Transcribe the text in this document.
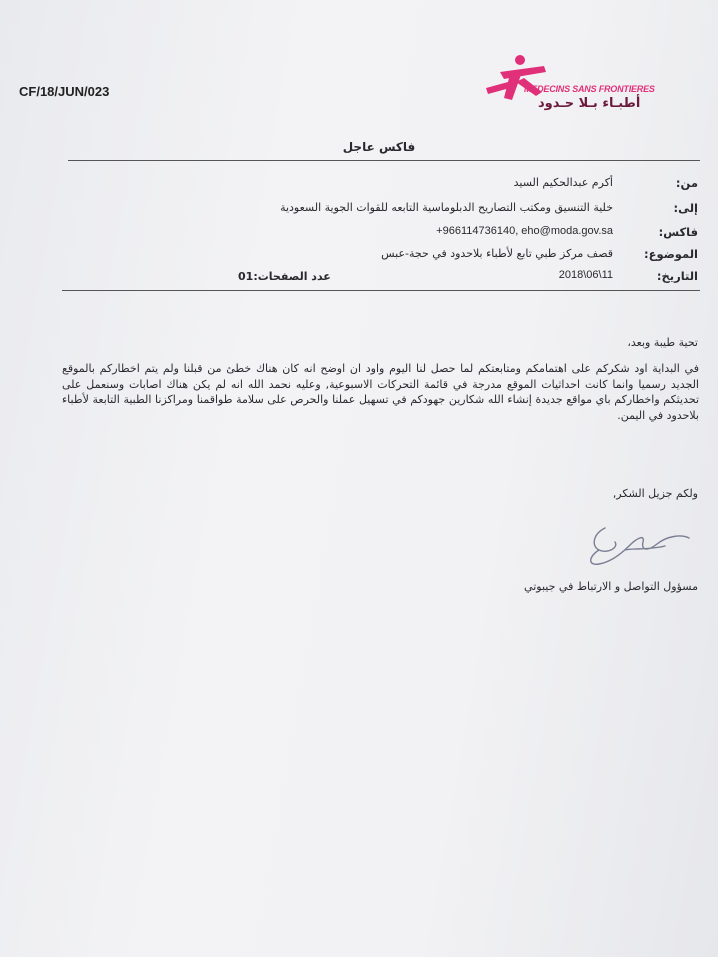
CF/18/JUN/023	MEDECINS SANS FRONTIERES
أطبـاء بـلا حـدود
فاكس عاجل
من:
أكرم عبدالحكيم السيد
إلى:
خلية التنسيق ومكتب التصاريح الدبلوماسية التابعه للقوات الجوية السعودية
فاكس:
+966114736140, eho@moda.gov.sa
الموضوع:
قصف مركز طبي تابع لأطباء بلاحدود في حجة-عبس
التاريخ:
2018\06\11
عدد الصفحات:01
تحية طيبة وبعد،
في البداية اود شكركم على اهتمامكم ومتابعتكم لما حصل لنا اليوم واود ان اوضح انه كان هناك خطئ من قبلنا ولم يتم اخطاركم بالموقع الجديد رسميا وانما كانت احداثيات الموقع مدرجة في قائمة التحركات الاسبوعية, وعليه نحمد الله انه لم يكن هناك اصابات وسنعمل على تحديثكم واخطاركم باي مواقع جديدة إنشاء الله شكارين جهودكم في تسهيل عملنا والحرص على سلامة طواقمنا ومراكزنا الطبية التابعة لأطباء بلاحدود في اليمن.
ولكم جزيل الشكر,
مسؤول التواصل و الارتباط في جيبوتي
